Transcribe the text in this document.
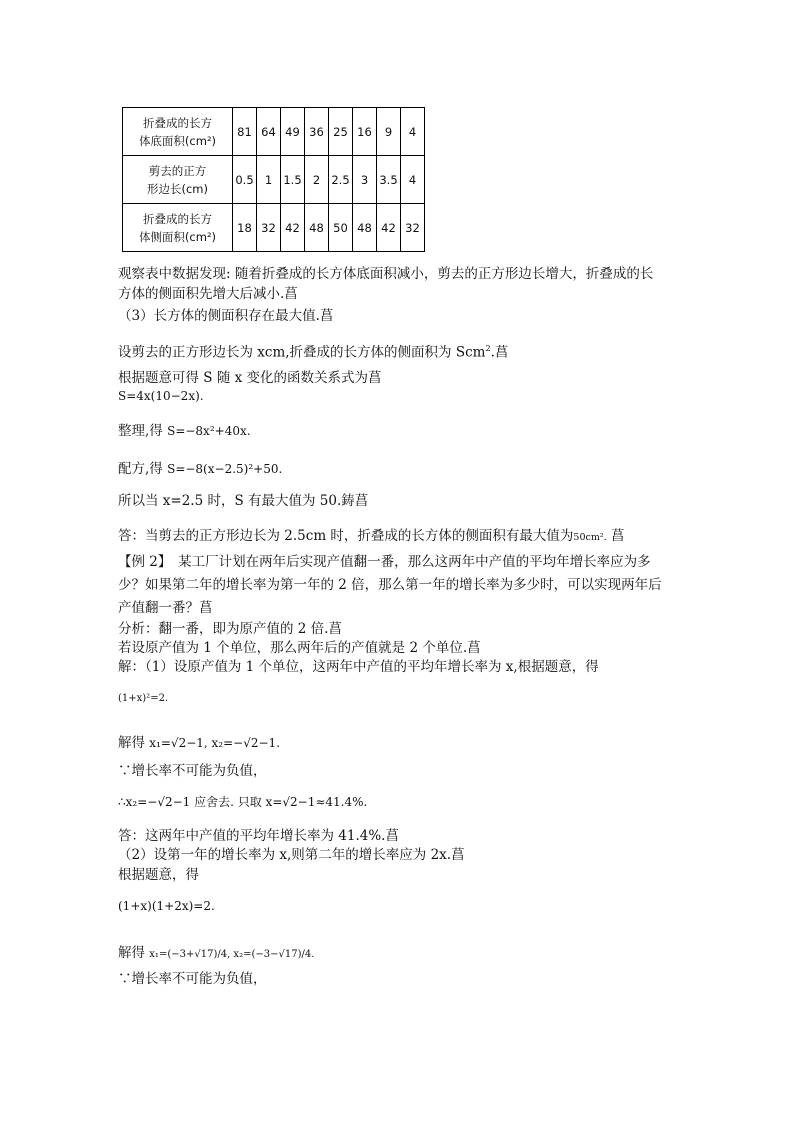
折叠成的长方
体底面积(cm²)	81	64	49	36	25	16	9	4
剪去的正方
形边长(cm)	0.5	1	1.5	2	2.5	3	3.5	4
折叠成的长方
体侧面积(cm²)	18	32	42	48	50	48	42	32
观察表中数据发现: 随着折叠成的长方体底面积减小，剪去的正方形边长增大，折叠成的长
方体的侧面积先增大后减小.菖
（3）长方体的侧面积存在最大值.菖
设剪去的正方形边长为 xcm,折叠成的长方体的侧面积为 Scm$^2$.菖
根据题意可得 S 随 x 变化的函数关系式为菖
S=4x(10−2x).
整理,得 S=−8x²+40x.
配方,得 S=−8(x−2.5)²+50.
所以当 x=2.5 时，S 有最大值为 50.鋳菖
答：当剪去的正方形边长为 2.5cm 时，折叠成的长方体的侧面积有最大值为50cm². 菖
【例 2】　某工厂计划在两年后实现产值翻一番，那么这两年中产值的平均年增长率应为多
少？如果第二年的增长率为第一年的 2 倍，那么第一年的增长率为多少时，可以实现两年后
产值翻一番？菖
分析：翻一番，即为原产值的 2 倍.菖
若设原产值为 1 个单位，那么两年后的产值就是 2 个单位.菖
解：（1）设原产值为 1 个单位，这两年中产值的平均年增长率为 x,根据题意，得
(1+x)²=2.
解得 x₁=√2−1, x₂=−√2−1.
∵增长率不可能为负值，
∴x₂=−√2−1 应舍去. 只取 x=√2−1≈41.4%.
答：这两年中产值的平均年增长率为 41.4%.菖
（2）设第一年的增长率为 x,则第二年的增长率应为 2x.菖
根据题意，得
(1+x)(1+2x)=2.
解得 x₁=(−3+√17)/4, x₂=(−3−√17)/4.
∵增长率不可能为负值，
